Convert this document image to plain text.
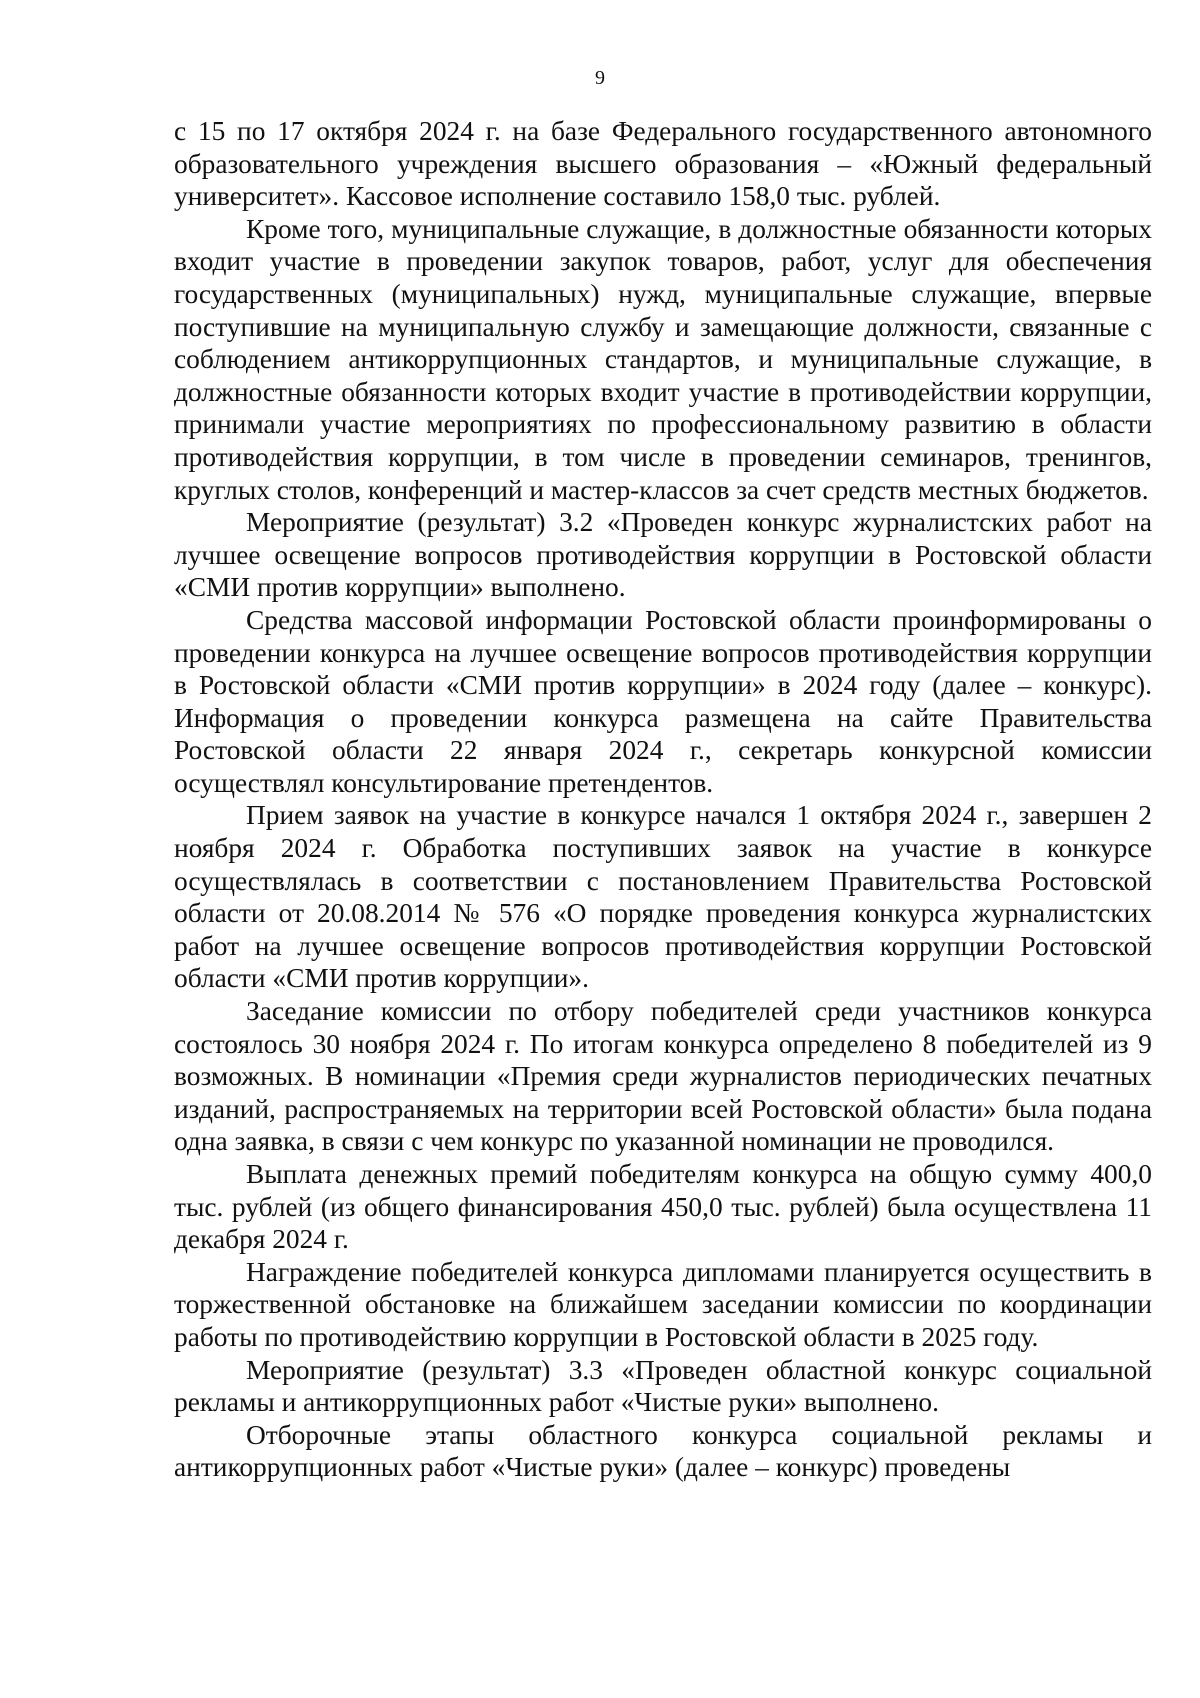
9

с 15 по 17 октября 2024 г. на базе Федерального государственного автономного образовательного учреждения высшего образования – «Южный федеральный университет». Кассовое исполнение составило 158,0 тыс. рублей.

Кроме того, муниципальные служащие, в должностные обязанности которых входит участие в проведении закупок товаров, работ, услуг для обеспечения государственных (муниципальных) нужд, муниципальные служащие, впервые поступившие на муниципальную службу и замещающие должности, связанные с соблюдением антикоррупционных стандартов, и муниципальные служащие, в должностные обязанности которых входит участие в противодействии коррупции, принимали участие мероприятиях по профессиональному развитию в области противодействия коррупции, в том числе в проведении семинаров, тренингов, круглых столов, конференций и мастер-классов за счет средств местных бюджетов.

Мероприятие (результат) 3.2 «Проведен конкурс журналистских работ на лучшее освещение вопросов противодействия коррупции в Ростовской области «СМИ против коррупции» выполнено.

Средства массовой информации Ростовской области проинформированы о проведении конкурса на лучшее освещение вопросов противодействия коррупции в Ростовской области «СМИ против коррупции» в 2024 году (далее – конкурс). Информация о проведении конкурса размещена на сайте Правительства Ростовской области 22 января 2024 г., секретарь конкурсной комиссии осуществлял консультирование претендентов.

Прием заявок на участие в конкурсе начался 1 октября 2024 г., завершен 2 ноября 2024 г. Обработка поступивших заявок на участие в конкурсе осуществлялась в соответствии с постановлением Правительства Ростовской области от 20.08.2014 № 576 «О порядке проведения конкурса журналистских работ на лучшее освещение вопросов противодействия коррупции Ростовской области «СМИ против коррупции».

Заседание комиссии по отбору победителей среди участников конкурса состоялось 30 ноября 2024 г. По итогам конкурса определено 8 победителей из 9 возможных. В номинации «Премия среди журналистов периодических печатных изданий, распространяемых на территории всей Ростовской области» была подана одна заявка, в связи с чем конкурс по указанной номинации не проводился.

Выплата денежных премий победителям конкурса на общую сумму 400,0 тыс. рублей (из общего финансирования 450,0 тыс. рублей) была осуществлена 11 декабря 2024 г.

Награждение победителей конкурса дипломами планируется осуществить в торжественной обстановке на ближайшем заседании комиссии по координации работы по противодействию коррупции в Ростовской области в 2025 году.

Мероприятие (результат) 3.3 «Проведен областной конкурс социальной рекламы и антикоррупционных работ «Чистые руки» выполнено.

Отборочные этапы областного конкурса социальной рекламы и антикоррупционных работ «Чистые руки» (далее – конкурс) проведены
